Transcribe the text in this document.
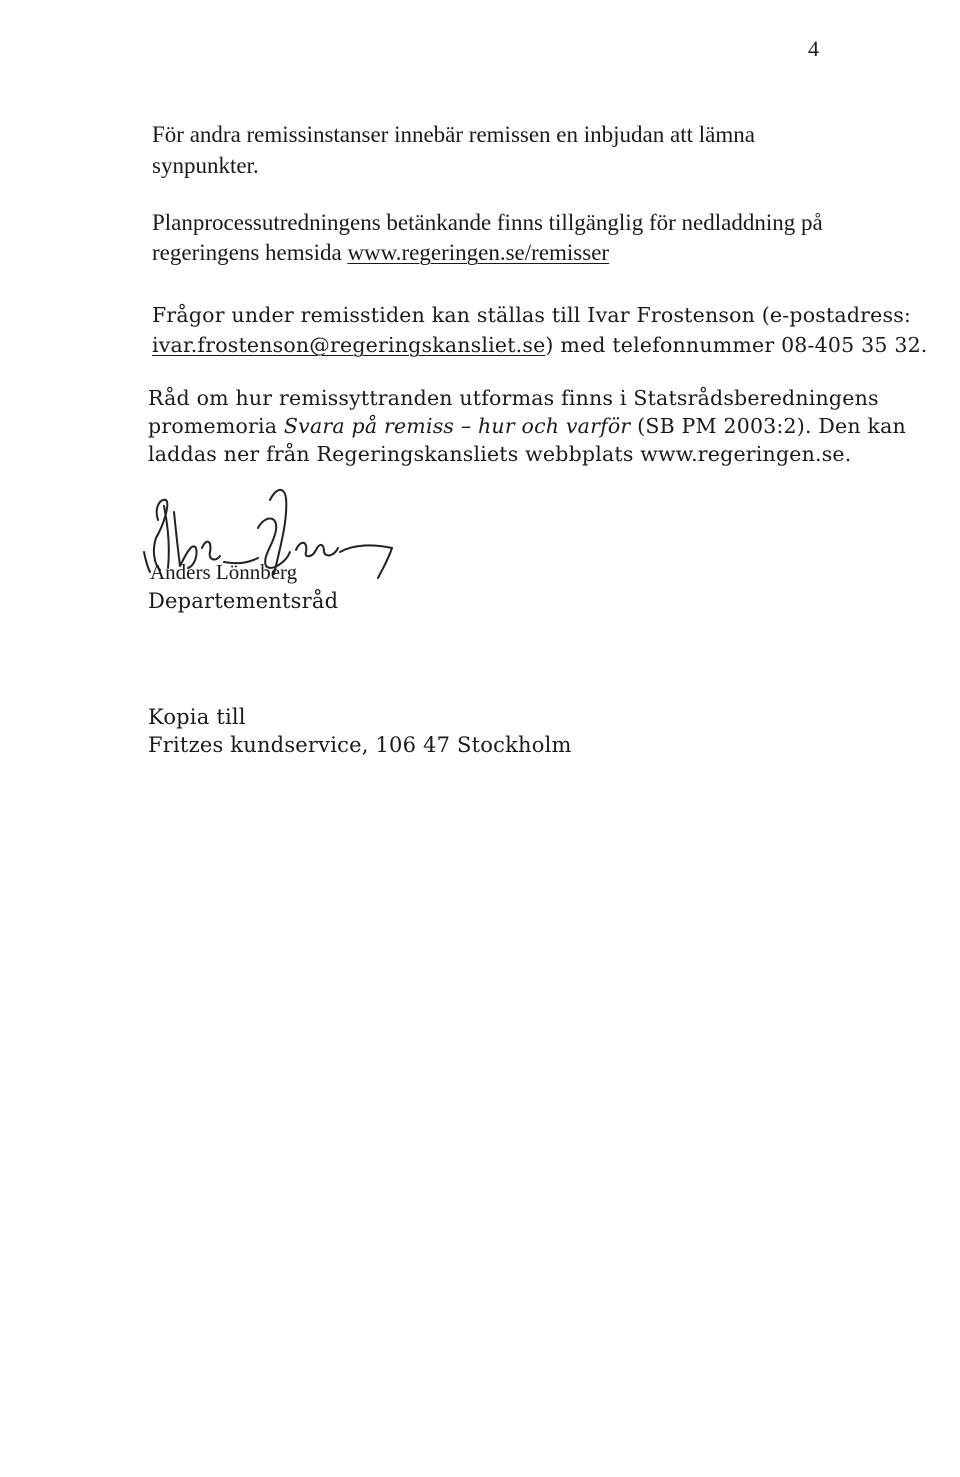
4
För andra remissinstanser innebär remissen en inbjudan att lämna
synpunkter.
Planprocessutredningens betänkande finns tillgänglig för nedladdning på
regeringens hemsida www.regeringen.se/remisser
Frågor under remisstiden kan ställas till Ivar Frostenson (e-postadress:
ivar.frostenson@regeringskansliet.se) med telefonnummer 08-405 35 32.
Råd om hur remissyttranden utformas finns i Statsrådsberedningens
promemoria Svara på remiss – hur och varför (SB PM 2003:2). Den kan
laddas ner från Regeringskansliets webbplats www.regeringen.se.
Anders Lönnberg
Departementsråd
Kopia till
Fritzes kundservice, 106 47 Stockholm
